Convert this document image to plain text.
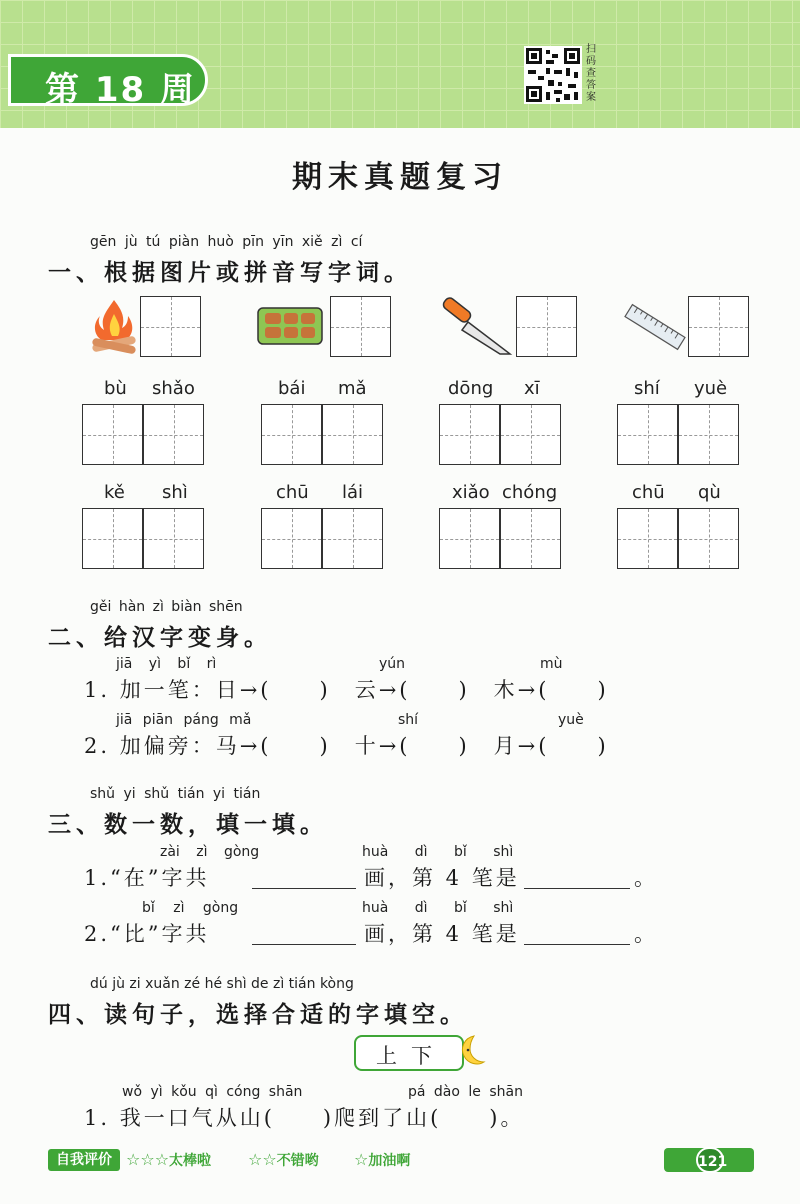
第 18 周
扫码查答案
期末真题复习
gēn jù tú piàn huò pīn yīn xiě zì cí
一、根据图片或拼音写字词。
bù shǎo	bái mǎ	dōng xī	shí yuè
kě shì	chū lái	xiǎo chóng	chū qù
gěi hàn zì biàn shēn
二、给汉字变身。
jiā yì bǐ rì	yún	mù
1. 加一笔：日→(　　)　云→(　　)　木→(　　)
jiā piān páng mǎ	shí	yuè
2. 加偏旁：马→(　　)　十→(　　)　月→(　　)
shǔ yi shǔ tián yi tián
三、数一数，填一填。
zài zì gòng	huà dì bǐ shì
1.“在”字共	画，第 4 笔是	。
bǐ zì gòng	huà dì bǐ shì
2.“比”字共	画，第 4 笔是	。
dú jù zi xuǎn zé hé shì de zì tián kòng
四、读句子，选择合适的字填空。
上下
wǒ yì kǒu qì cóng shān	pá dào le shān
1. 我一口气从山(　　)爬到了山(　　)。
自我评价 ☆☆☆太棒啦 ☆☆不错哟 ☆加油啊	121
